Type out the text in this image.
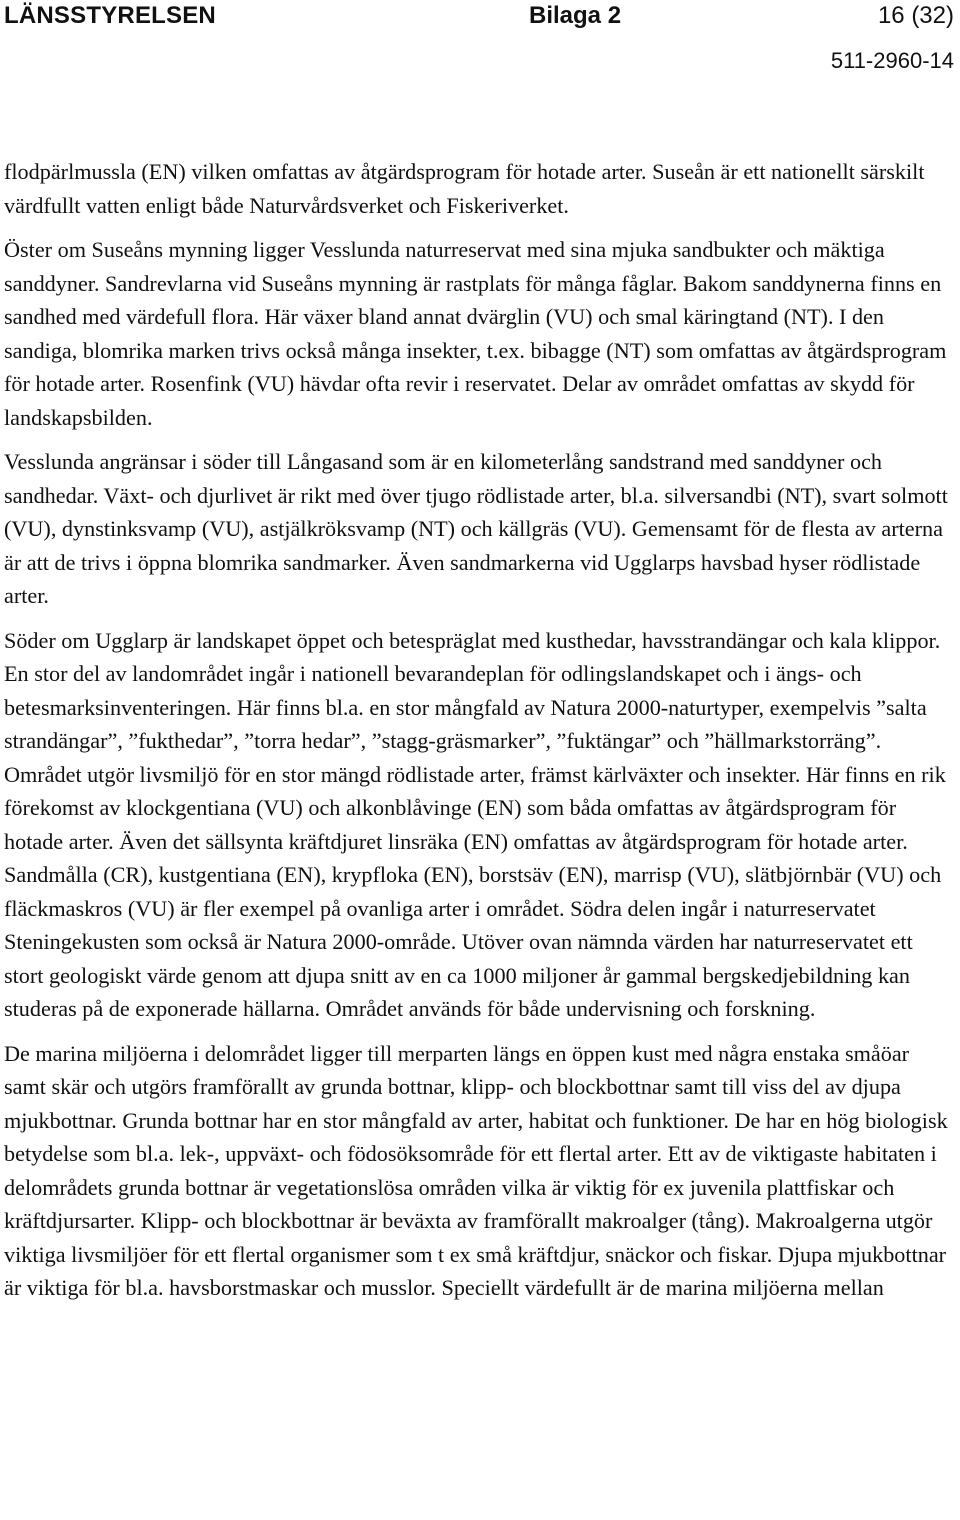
LÄNSSTYRELSEN	Bilaga 2	16 (32)
511-2960-14

flodpärlmussla (EN) vilken omfattas av åtgärdsprogram för hotade arter. Suseån är ett nationellt särskilt värdfullt vatten enligt både Naturvårdsverket och Fiskeriverket.

Öster om Suseåns mynning ligger Vesslunda naturreservat med sina mjuka sandbukter och mäktiga sanddyner. Sandrevlarna vid Suseåns mynning är rastplats för många fåglar. Bakom sanddynerna finns en sandhed med värdefull flora. Här växer bland annat dvärglin (VU) och smal käringtand (NT). I den sandiga, blomrika marken trivs också många insekter, t.ex. bibagge (NT) som omfattas av åtgärdsprogram för hotade arter. Rosenfink (VU) hävdar ofta revir i reservatet. Delar av området omfattas av skydd för landskapsbilden.

Vesslunda angränsar i söder till Långasand som är en kilometerlång sandstrand med sanddyner och sandhedar. Växt- och djurlivet är rikt med över tjugo rödlistade arter, bl.a. silversandbi (NT), svart solmott (VU), dynstinksvamp (VU), astjälkröksvamp (NT) och källgräs (VU). Gemensamt för de flesta av arterna är att de trivs i öppna blomrika sandmarker. Även sandmarkerna vid Ugglarps havsbad hyser rödlistade arter.

Söder om Ugglarp är landskapet öppet och betespräglat med kusthedar, havsstrandängar och kala klippor. En stor del av landområdet ingår i nationell bevarandeplan för odlingslandskapet och i ängs- och betesmarksinventeringen. Här finns bl.a. en stor mångfald av Natura 2000-naturtyper, exempelvis ”salta strandängar”, ”fukthedar”, ”torra hedar”, ”stagg-gräsmarker”, ”fuktängar” och ”hällmarkstorräng”. Området utgör livsmiljö för en stor mängd rödlistade arter, främst kärlväxter och insekter. Här finns en rik förekomst av klockgentiana (VU) och alkonblåvinge (EN) som båda omfattas av åtgärdsprogram för hotade arter. Även det sällsynta kräftdjuret linsräka (EN) omfattas av åtgärdsprogram för hotade arter. Sandmålla (CR), kustgentiana (EN), krypfloka (EN), borstsäv (EN), marrisp (VU), slätbjörnbär (VU) och fläckmaskros (VU) är fler exempel på ovanliga arter i området. Södra delen ingår i naturreservatet Steningekusten som också är Natura 2000-område. Utöver ovan nämnda värden har naturreservatet ett stort geologiskt värde genom att djupa snitt av en ca 1000 miljoner år gammal bergskedjebildning kan studeras på de exponerade hällarna. Området används för både undervisning och forskning.

De marina miljöerna i delområdet ligger till merparten längs en öppen kust med några enstaka småöar samt skär och utgörs framförallt av grunda bottnar, klipp- och blockbottnar samt till viss del av djupa mjukbottnar. Grunda bottnar har en stor mångfald av arter, habitat och funktioner. De har en hög biologisk betydelse som bl.a. lek-, uppväxt- och födosöksområde för ett flertal arter. Ett av de viktigaste habitaten i delområdets grunda bottnar är vegetationslösa områden vilka är viktig för ex juvenila plattfiskar och kräftdjursarter. Klipp- och blockbottnar är beväxta av framförallt makroalger (tång). Makroalgerna utgör viktiga livsmiljöer för ett flertal organismer som t ex små kräftdjur, snäckor och fiskar. Djupa mjukbottnar är viktiga för bl.a. havsborstmaskar och musslor. Speciellt värdefullt är de marina miljöerna mellan
